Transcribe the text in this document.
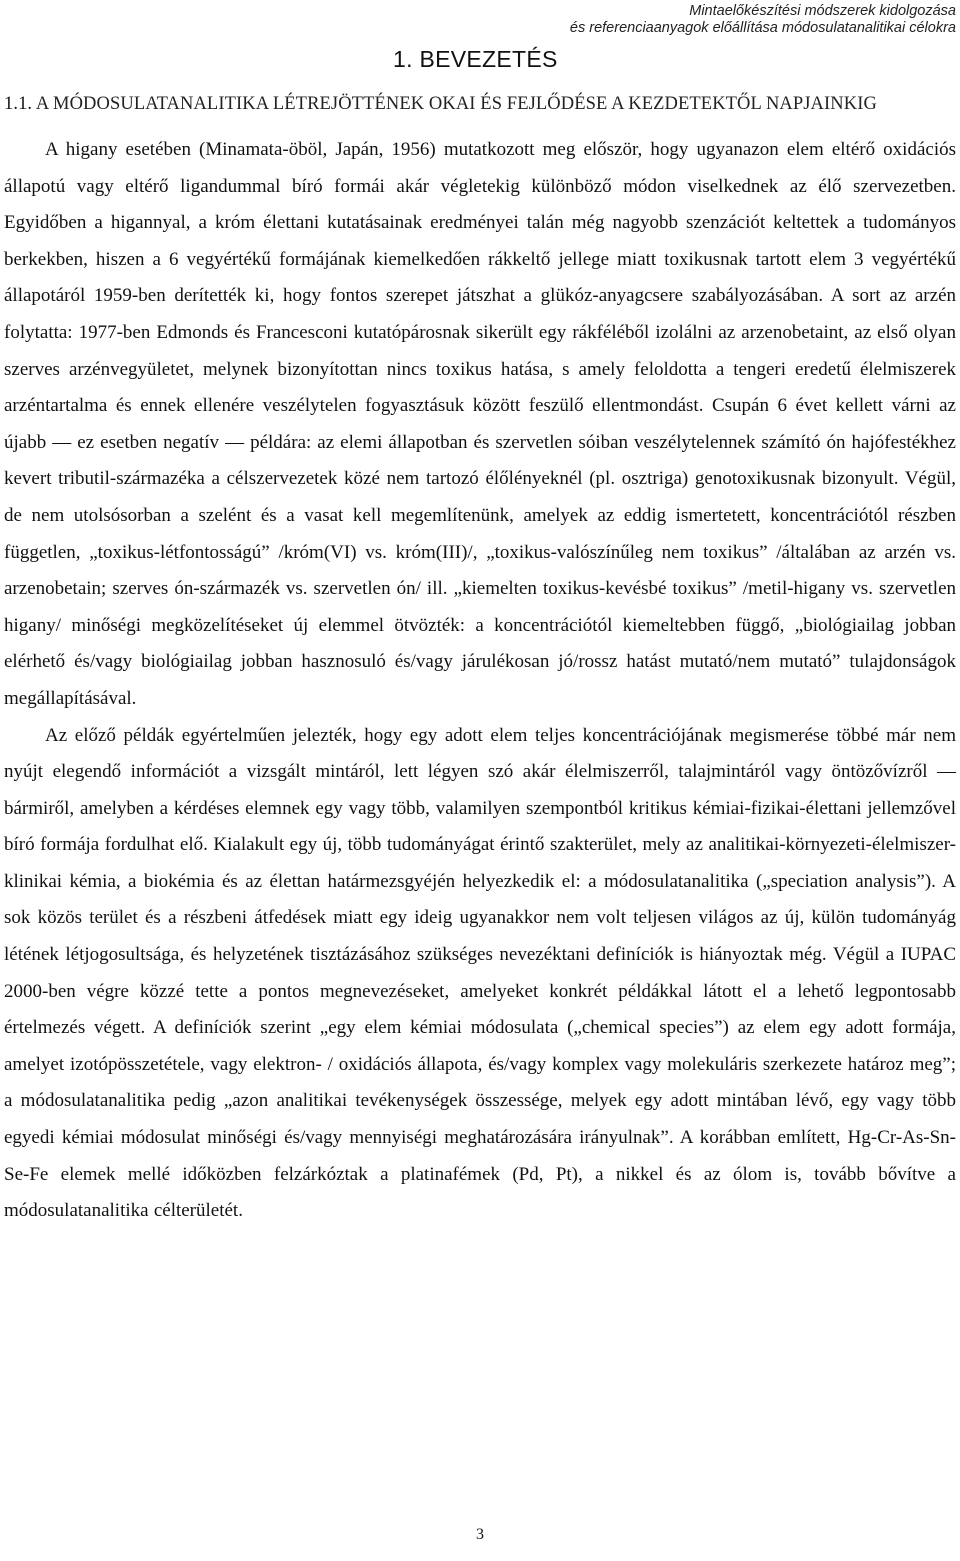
Mintaelőkészítési módszerek kidolgozása
és referenciaanyagok előállítása módosulatanalitikai célokra
1. BEVEZETÉS
1.1. A MÓDOSULATANALITIKA LÉTREJÖTTÉNEK OKAI ÉS FEJLŐDÉSE A KEZDETEKTŐL NAPJAINKIG

A higany esetében (Minamata-öböl, Japán, 1956) mutatkozott meg először, hogy ugyanazon elem eltérő oxidációs állapotú vagy eltérő ligandummal bíró formái akár végletekig különböző módon viselkednek az élő szervezetben. Egyidőben a higannyal, a króm élettani kutatásainak eredményei talán még nagyobb szenzációt keltettek a tudományos berkekben, hiszen a 6 vegyértékű formájának kiemelkedően rákkeltő jellege miatt toxikusnak tartott elem 3 vegyértékű állapotáról 1959-ben derítették ki, hogy fontos szerepet játszhat a glükóz-anyagcsere szabályozásában. A sort az arzén folytatta: 1977-ben Edmonds és Francesconi kutatópárosnak sikerült egy rákféléből izolálni az arzenobetaint, az első olyan szerves arzénvegyületet, melynek bizonyítottan nincs toxikus hatása, s amely feloldotta a tengeri eredetű élelmiszerek arzéntartalma és ennek ellenére veszélytelen fogyasztásuk között feszülő ellentmondást. Csupán 6 évet kellett várni az újabb ― ez esetben negatív ― példára: az elemi állapotban és szervetlen sóiban veszélytelennek számító ón hajófestékhez kevert tributil-származéka a célszervezetek közé nem tartozó élőlényeknél (pl. osztriga) genotoxikusnak bizonyult. Végül, de nem utolsósorban a szelént és a vasat kell megemlítenünk, amelyek az eddig ismertetett, koncentrációtól részben független, „toxikus-létfontosságú” /króm(VI) vs. króm(III)/, „toxikus-valószínűleg nem toxikus” /általában az arzén vs. arzenobetain; szerves ón-származék vs. szervetlen ón/ ill. „kiemelten toxikus-kevésbé toxikus” /metil-higany vs. szervetlen higany/ minőségi megközelítéseket új elemmel ötvözték: a koncentrációtól kiemeltebben függő, „biológiailag jobban elérhető és/vagy biológiailag jobban hasznosuló és/vagy járulékosan jó/rossz hatást mutató/nem mutató” tulajdonságok megállapításával.

Az előző példák egyértelműen jelezték, hogy egy adott elem teljes koncentrációjának megismerése többé már nem nyújt elegendő információt a vizsgált mintáról, lett légyen szó akár élelmiszerről, talajmintáról vagy öntözővízről ― bármiről, amelyben a kérdéses elemnek egy vagy több, valamilyen szempontból kritikus kémiai-fizikai-élettani jellemzővel bíró formája fordulhat elő. Kialakult egy új, több tudományágat érintő szakterület, mely az analitikai-környezeti-élelmiszer-klinikai kémia, a biokémia és az élettan határmezsgyéjén helyezkedik el: a módosulatanalitika („speciation analysis”). A sok közös terület és a részbeni átfedések miatt egy ideig ugyanakkor nem volt teljesen világos az új, külön tudományág létének létjogosultsága, és helyzetének tisztázásához szükséges nevezéktani definíciók is hiányoztak még. Végül a IUPAC 2000-ben végre közzé tette a pontos megnevezéseket, amelyeket konkrét példákkal látott el a lehető legpontosabb értelmezés végett. A definíciók szerint „egy elem kémiai módosulata („chemical species”) az elem egy adott formája, amelyet izotópösszetétele, vagy elektron- / oxidációs állapota, és/vagy komplex vagy molekuláris szerkezete határoz meg”; a módosulatanalitika pedig „azon analitikai tevékenységek összessége, melyek egy adott mintában lévő, egy vagy több egyedi kémiai módosulat minőségi és/vagy mennyiségi meghatározására irányulnak”. A korábban említett, Hg-Cr-As-Sn-Se-Fe elemek mellé időközben felzárkóztak a platinafémek (Pd, Pt), a nikkel és az ólom is, tovább bővítve a módosulatanalitika célterületét.

3
